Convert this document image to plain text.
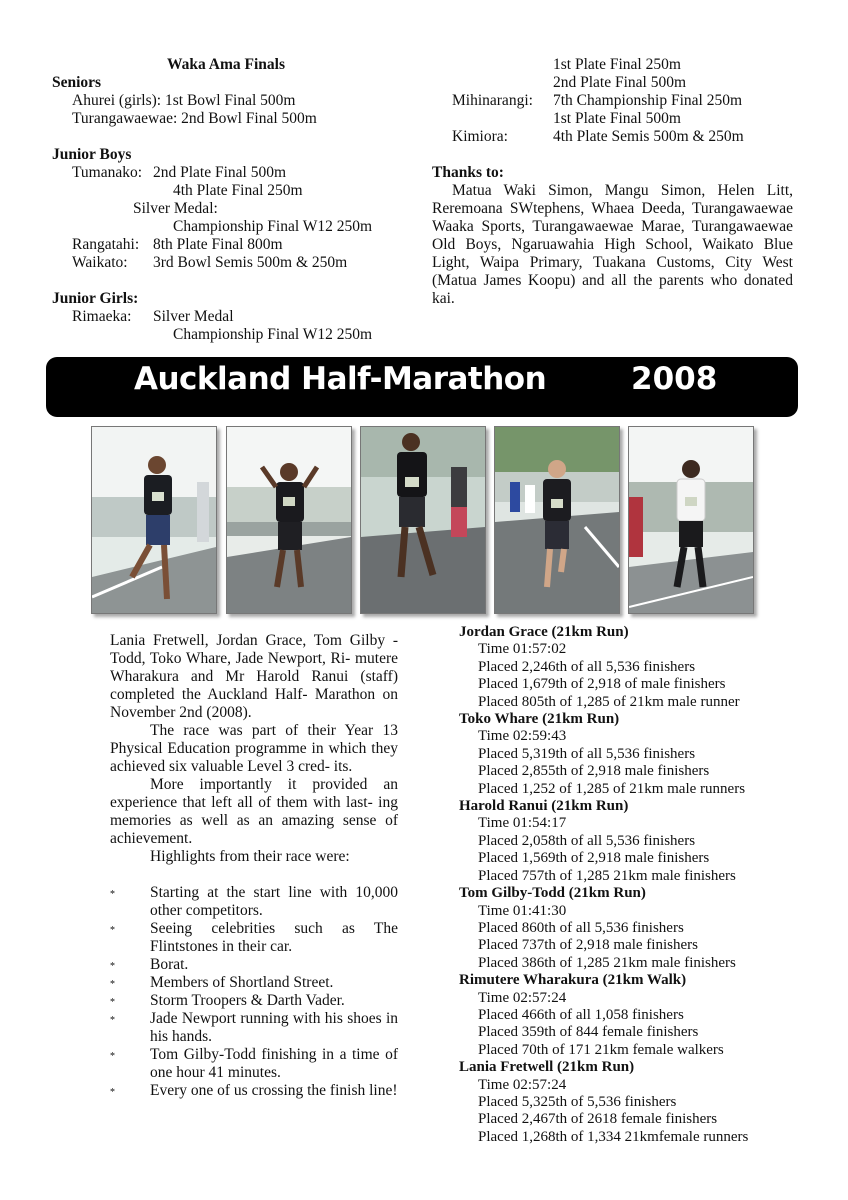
Waka Ama Finals
Seniors
Ahurei (girls): 1st Bowl Final 500m
Turangawaewae: 2nd Bowl Final 500m
Junior Boys
Tumanako: 2nd Plate Final 500m
4th Plate Final 250m
Silver Medal:
Championship Final W12 250m
Rangatahi: 8th Plate Final 800m
Waikato:	3rd Bowl Semis 500m & 250m
Junior Girls:
Rimaeka:	Silver Medal
Championship Final W12 250m
1st Plate Final 250m
2nd Plate Final 500m
Mihinarangi:	7th Championship Final 250m
1st Plate Final 500m
Kimiora:	4th Plate Semis 500m & 250m
Thanks to:
Matua Waki Simon, Mangu Simon, Helen Litt, Reremoana SWtephens, Whaea Deeda, Turangawaewae Waaka Sports, Turangawaewae Marae, Turangawaewae Old Boys, Ngaruawahia High School, Waikato Blue Light, Waipa Primary, Tuakana Customs, City West (Matua James Koopu) and all the parents who donated kai.
Auckland Half-Marathon	2008

Lania Fretwell, Jordan Grace, Tom Gilby -Todd, Toko Whare, Jade Newport, Ri- mutere Wharakura and Mr Harold Ranui (staff) completed the Auckland Half- Marathon on November 2nd (2008).

The race was part of their Year 13 Physical Education programme in which they achieved six valuable Level 3 cred- its.

More importantly it provided an experience that left all of them with last- ing memories as well as an amazing sense of achievement.

Highlights from their race were:

* Starting at the start line with 10,000 other competitors.
* Seeing celebrities such as The Flintstones in their car.
* Borat.
* Members of Shortland Street.
* Storm Troopers & Darth Vader.
* Jade Newport running with his shoes in his hands.
* Tom Gilby-Todd finishing in a time of one hour 41 minutes.
* Every one of us crossing the finish line!
Jordan Grace (21km Run)
Time 01:57:02
Placed 2,246th of all 5,536 finishers
Placed 1,679th of 2,918 of male finishers
Placed 805th of 1,285 of 21km male runner
Toko Whare (21km Run)
Time 02:59:43
Placed 5,319th of all 5,536 finishers
Placed 2,855th of 2,918 male finishers
Placed 1,252 of 1,285 of 21km male runners
Harold Ranui (21km Run)
Time 01:54:17
Placed 2,058th of all 5,536 finishers
Placed 1,569th of 2,918 male finishers
Placed 757th of 1,285 21km male finishers
Tom Gilby-Todd (21km Run)
Time 01:41:30
Placed 860th of all 5,536 finishers
Placed 737th of 2,918 male finishers
Placed 386th of 1,285 21km male finishers
Rimutere Wharakura (21km Walk)
Time 02:57:24
Placed 466th of all 1,058 finishers
Placed 359th of 844 female finishers
Placed 70th of 171 21km female walkers
Lania Fretwell (21km Run)
Time 02:57:24
Placed 5,325th of 5,536 finishers
Placed 2,467th of 2618 female finishers
Placed 1,268th of 1,334 21kmfemale runners
